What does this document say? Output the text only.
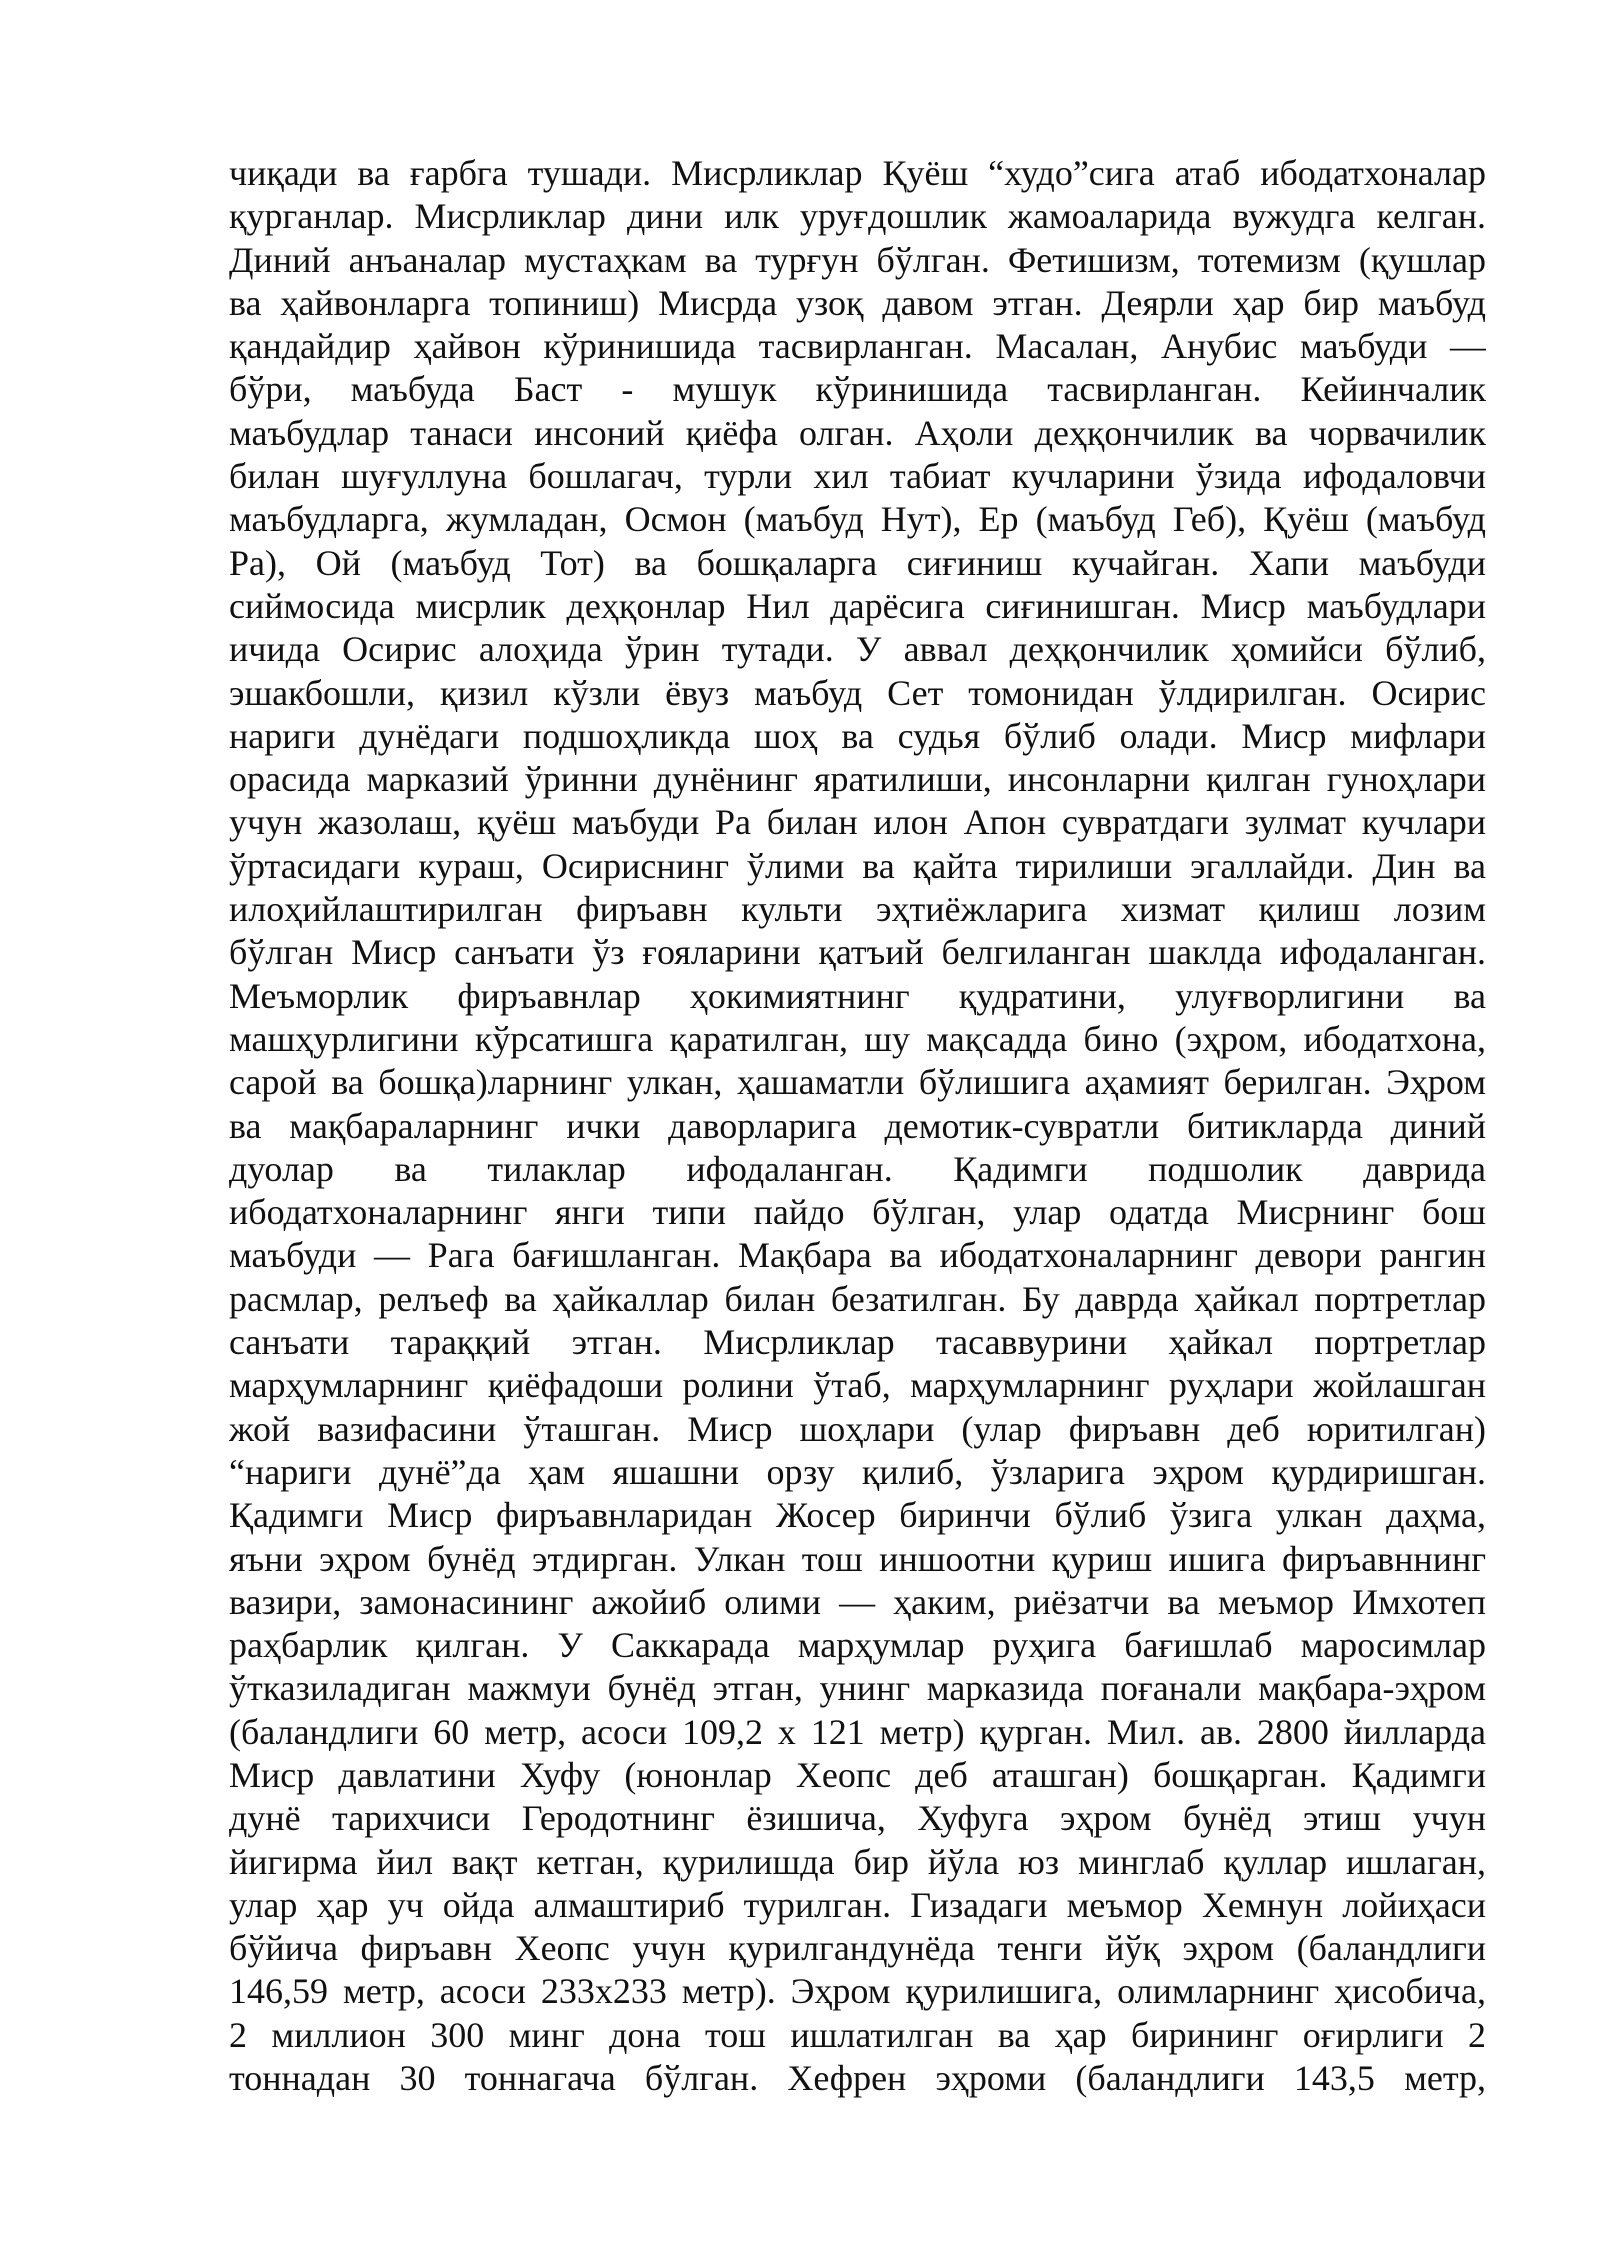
чиқади ва ғарбга тушади. Мисрликлар Қуёш “худо”сига атаб ибодатхоналар
қурганлар. Мисрликлар дини илк уруғдошлик жамоаларида вужудга келган.
Диний анъаналар мустаҳкам ва турғун бўлган. Фетишизм, тотемизм (қушлар
ва ҳайвонларга топиниш) Мисрда узоқ давом этган. Деярли ҳар бир маъбуд
қандайдир ҳайвон кўринишида тасвирланган. Масалан, Анубис маъбуди —
бўри, маъбуда Баст - мушук кўринишида тасвирланган. Кейинчалик
маъбудлар танаси инсоний қиёфа олган. Аҳоли деҳқончилик ва чорвачилик
билан шуғуллуна бошлагач, турли хил табиат кучларини ўзида ифодаловчи
маъбудларга, жумладан, Осмон (маъбуд Нут), Ер (маъбуд Геб), Қуёш (маъбуд
Ра), Ой (маъбуд Тот) ва бошқаларга сиғиниш кучайган. Хапи маъбуди
сиймосида мисрлик деҳқонлар Нил дарёсига сиғинишган. Миср маъбудлари
ичида Осирис алоҳида ўрин тутади. У аввал деҳқончилик ҳомийси бўлиб,
эшакбошли, қизил кўзли ёвуз маъбуд Сет томонидан ўлдирилган. Осирис
нариги дунёдаги подшоҳликда шоҳ ва судья бўлиб олади. Миср мифлари
орасида марказий ўринни дунёнинг яратилиши, инсонларни қилган гуноҳлари
учун жазолаш, қуёш маъбуди Ра билан илон Апон сувратдаги зулмат кучлари
ўртасидаги кураш, Осириснинг ўлими ва қайта тирилиши эгаллайди. Дин ва
илоҳийлаштирилган фиръавн культи эҳтиёжларига хизмат қилиш лозим
бўлган Миср санъати ўз ғояларини қатъий белгиланган шаклда ифодаланган.
Меъморлик фиръавнлар ҳокимиятнинг қудратини, улуғворлигини ва
машҳурлигини кўрсатишга қаратилган, шу мақсадда бино (эҳром, ибодатхона,
сарой ва бошқа)ларнинг улкан, ҳашаматли бўлишига аҳамият берилган. Эҳром
ва мақбараларнинг ички даворларига демотик-сувратли битикларда диний
дуолар ва тилаклар ифодаланган. Қадимги подшолик даврида
ибодатхоналарнинг янги типи пайдо бўлган, улар одатда Мисрнинг бош
маъбуди — Рага бағишланган. Мақбара ва ибодатхоналарнинг девори рангин
расмлар, релъеф ва ҳайкаллар билан безатилган. Бу даврда ҳайкал портретлар
санъати тараққий этган. Мисрликлар тасаввурини ҳайкал портретлар
марҳумларнинг қиёфадоши ролини ўтаб, марҳумларнинг руҳлари жойлашган
жой вазифасини ўташган. Миср шоҳлари (улар фиръавн деб юритилган)
“нариги дунё”да ҳам яшашни орзу қилиб, ўзларига эҳром қурдиришган.
Қадимги Миср фиръавнларидан Жосер биринчи бўлиб ўзига улкан даҳма,
яъни эҳром бунёд этдирган. Улкан тош иншоотни қуриш ишига фиръавннинг
вазири, замонасининг ажойиб олими — ҳаким, риёзатчи ва меъмор Имхотеп
раҳбарлик қилган. У Саккарада марҳумлар руҳига бағишлаб маросимлар
ўтказиладиган мажмуи бунёд этган, унинг марказида поғанали мақбара-эҳром
(баландлиги 60 метр, асоси 109,2 х 121 метр) қурган. Мил. ав. 2800 йилларда
Миср давлатини Хуфу (юнонлар Хеопс деб аташган) бошқарган. Қадимги
дунё тарихчиси Геродотнинг ёзишича, Хуфуга эҳром бунёд этиш учун
йигирма йил вақт кетган, қурилишда бир йўла юз минглаб қуллар ишлаган,
улар ҳар уч ойда алмаштириб турилган. Гизадаги меъмор Хемнун лойиҳаси
бўйича фиръавн Хеопс учун қурилгандунёда тенги йўқ эҳром (баландлиги
146,59 метр, асоси 233х233 метр). Эҳром қурилишига, олимларнинг ҳисобича,
2 миллион 300 минг дона тош ишлатилган ва ҳар бирининг оғирлиги 2
тоннадан 30 тоннагача бўлган. Хефрен эҳроми (баландлиги 143,5 метр,
